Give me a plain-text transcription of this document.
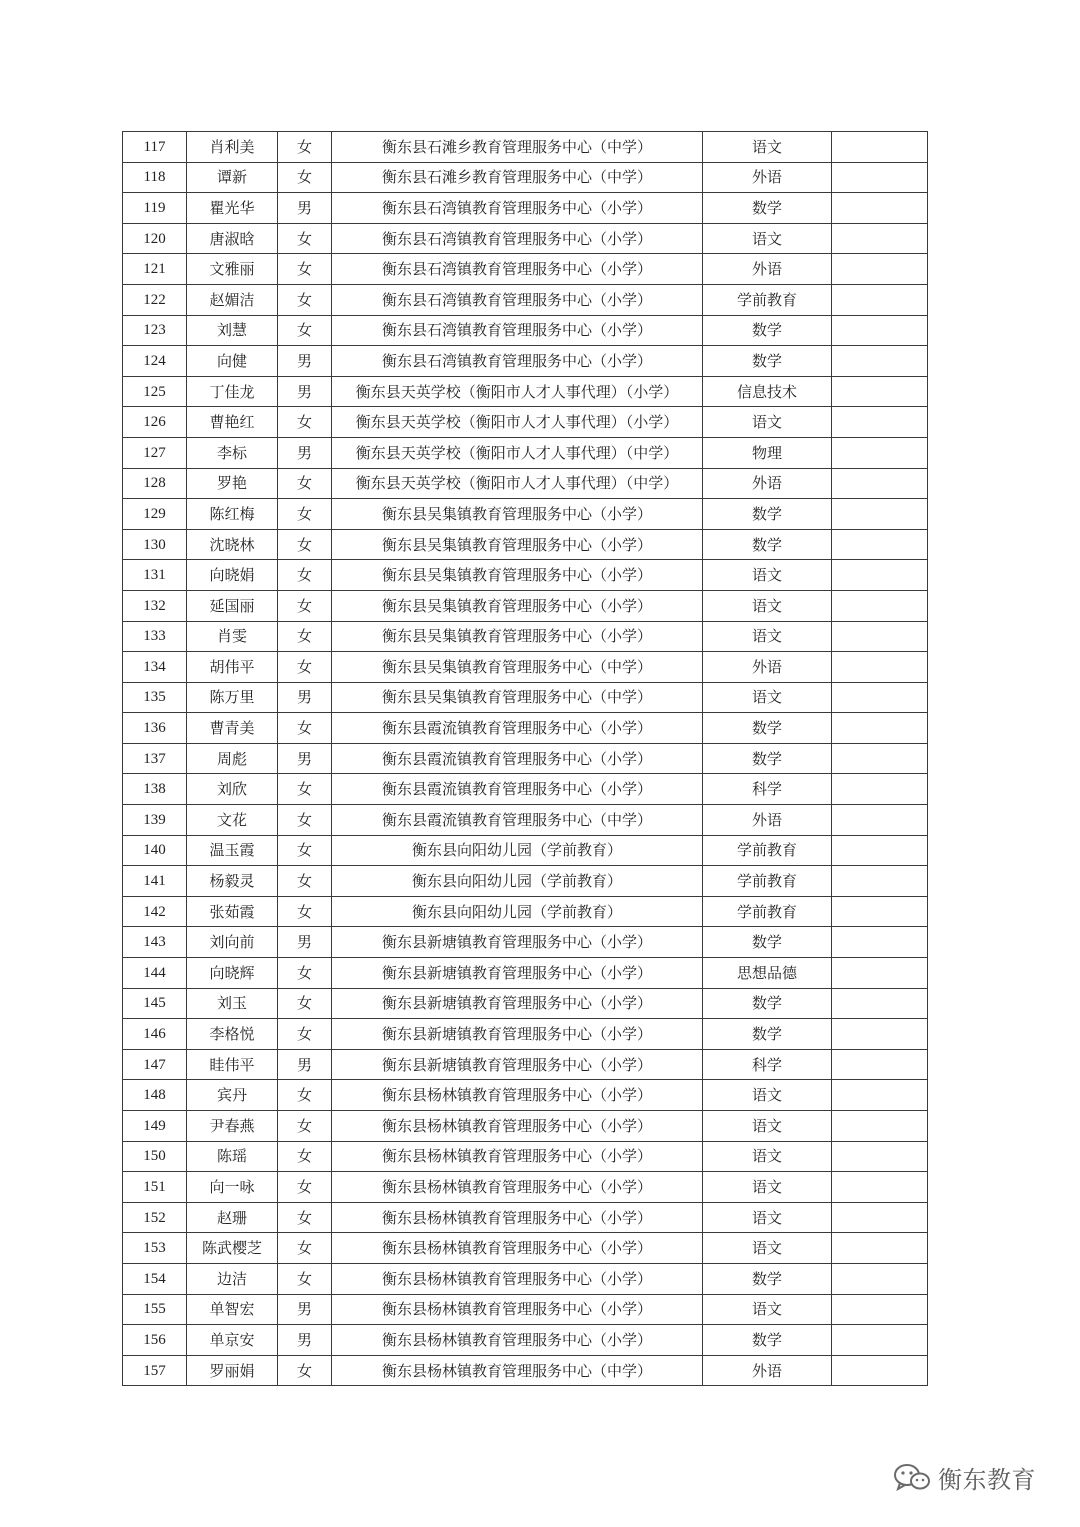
117	肖利美	女	衡东县石滩乡教育管理服务中心（中学）	语文	
118	谭新	女	衡东县石滩乡教育管理服务中心（中学）	外语	
119	瞿光华	男	衡东县石湾镇教育管理服务中心（小学）	数学	
120	唐淑晗	女	衡东县石湾镇教育管理服务中心（小学）	语文	
121	文雅丽	女	衡东县石湾镇教育管理服务中心（小学）	外语	
122	赵媚洁	女	衡东县石湾镇教育管理服务中心（小学）	学前教育	
123	刘慧	女	衡东县石湾镇教育管理服务中心（小学）	数学	
124	向健	男	衡东县石湾镇教育管理服务中心（小学）	数学	
125	丁佳龙	男	衡东县天英学校（衡阳市人才人事代理）（小学）	信息技术	
126	曹艳红	女	衡东县天英学校（衡阳市人才人事代理）（小学）	语文	
127	李标	男	衡东县天英学校（衡阳市人才人事代理）（中学）	物理	
128	罗艳	女	衡东县天英学校（衡阳市人才人事代理）（中学）	外语	
129	陈红梅	女	衡东县吴集镇教育管理服务中心（小学）	数学	
130	沈晓林	女	衡东县吴集镇教育管理服务中心（小学）	数学	
131	向晓娟	女	衡东县吴集镇教育管理服务中心（小学）	语文	
132	延国丽	女	衡东县吴集镇教育管理服务中心（小学）	语文	
133	肖雯	女	衡东县吴集镇教育管理服务中心（小学）	语文	
134	胡伟平	女	衡东县吴集镇教育管理服务中心（中学）	外语	
135	陈万里	男	衡东县吴集镇教育管理服务中心（中学）	语文	
136	曹青美	女	衡东县霞流镇教育管理服务中心（小学）	数学	
137	周彪	男	衡东县霞流镇教育管理服务中心（小学）	数学	
138	刘欣	女	衡东县霞流镇教育管理服务中心（小学）	科学	
139	文花	女	衡东县霞流镇教育管理服务中心（中学）	外语	
140	温玉霞	女	衡东县向阳幼儿园（学前教育）	学前教育	
141	杨毅灵	女	衡东县向阳幼儿园（学前教育）	学前教育	
142	张茹霞	女	衡东县向阳幼儿园（学前教育）	学前教育	
143	刘向前	男	衡东县新塘镇教育管理服务中心（小学）	数学	
144	向晓辉	女	衡东县新塘镇教育管理服务中心（小学）	思想品德	
145	刘玉	女	衡东县新塘镇教育管理服务中心（小学）	数学	
146	李格悦	女	衡东县新塘镇教育管理服务中心（小学）	数学	
147	眭伟平	男	衡东县新塘镇教育管理服务中心（小学）	科学	
148	宾丹	女	衡东县杨林镇教育管理服务中心（小学）	语文	
149	尹春燕	女	衡东县杨林镇教育管理服务中心（小学）	语文	
150	陈瑶	女	衡东县杨林镇教育管理服务中心（小学）	语文	
151	向一咏	女	衡东县杨林镇教育管理服务中心（小学）	语文	
152	赵珊	女	衡东县杨林镇教育管理服务中心（小学）	语文	
153	陈武樱芝	女	衡东县杨林镇教育管理服务中心（小学）	语文	
154	边洁	女	衡东县杨林镇教育管理服务中心（小学）	数学	
155	单智宏	男	衡东县杨林镇教育管理服务中心（小学）	语文	
156	单京安	男	衡东县杨林镇教育管理服务中心（小学）	数学	
157	罗丽娟	女	衡东县杨林镇教育管理服务中心（中学）	外语	
衡东教育
